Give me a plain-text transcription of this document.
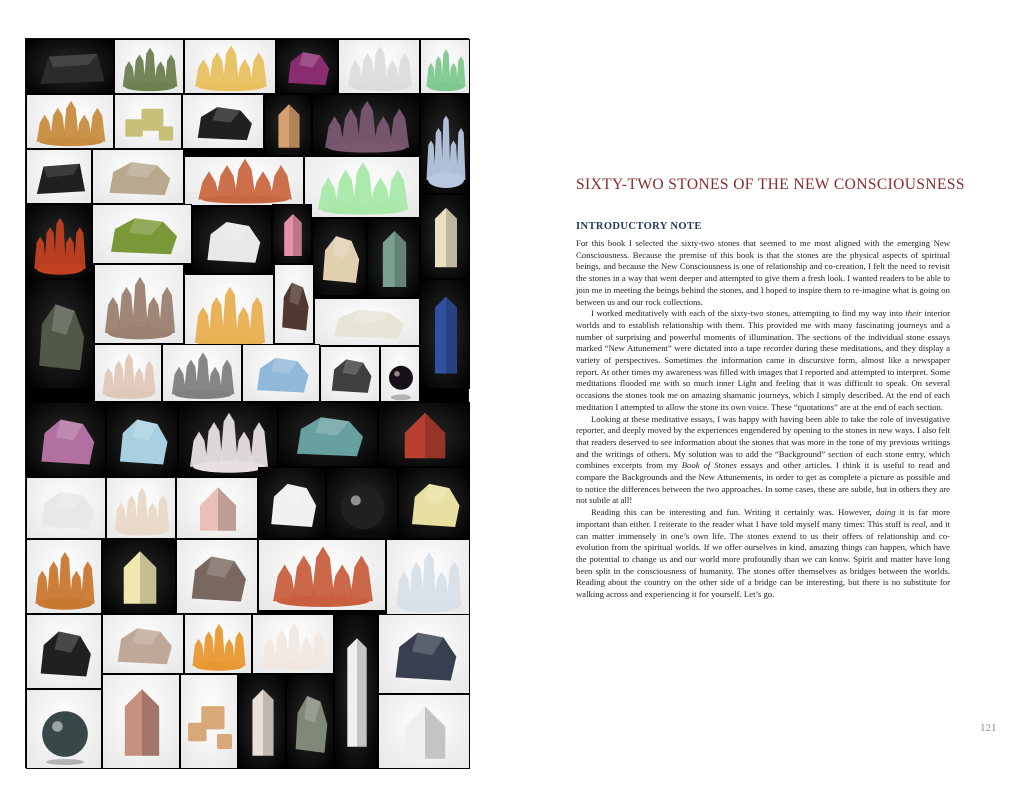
SIXTY-TWO STONES OF THE NEW CONSCIOUSNESS
INTRODUCTORY NOTE

For this book I selected the sixty-two stones that seemed to me most aligned with the emerging New Consciousness. Because the premise of this book is that the stones are the physical aspects of spiritual beings, and because the New Consciousness is one of relationship and co-creation, I felt the need to revisit the stones in a way that went deeper and attempted to give them a fresh look. I wanted readers to be able to join me in meeting the beings behind the stones, and I hoped to inspire them to re-imagine what is going on between us and our rock collections.

I worked meditatively with each of the sixty-two stones, attempting to find my way into their interior worlds and to establish relationship with them. This provided me with many fascinating journeys and a number of surprising and powerful moments of illumination. The sections of the individual stone essays marked “New Attunement” were dictated into a tape recorder during these meditations, and they display a variety of perspectives. Sometimes the information came in discursive form, almost like a newspaper report. At other times my awareness was filled with images that I reported and attempted to interpret. Some meditations flooded me with so much inner Light and feeling that it was difficult to speak. On several occasions the stones took me on amazing shamanic journeys, which I simply described. At the end of each meditation I attempted to allow the stone its own voice. These “quotations” are at the end of each section.

Looking at these meditative essays, I was happy with having been able to take the role of investigative reporter, and deeply moved by the experiences engendered by opening to the stones in new ways. I also felt that readers deserved to see information about the stones that was more in the tone of my previous writings and the writings of others. My solution was to add the “Background” section of each stone entry, which combines excerpts from my Book of Stones essays and other articles. I think it is useful to read and compare the Backgrounds and the New Attunements, in order to get as complete a picture as possible and to notice the differences between the two approaches. In some cases, these are subtle, but in others they are not subtle at all!

Reading this can be interesting and fun. Writing it certainly was. However, doing it is far more important than either. I reiterate to the reader what I have told myself many times: This stuff is real, and it can matter immensely in one’s own life. The stones extend to us their offers of relationship and co-evolution from the spiritual worlds. If we offer ourselves in kind, amazing things can happen, which have the potential to change us and our world more profoundly than we can know. Spirit and matter have long been split in the consciousness of humanity. The stones offer themselves as bridges between the worlds. Reading about the country on the other side of a bridge can be interesting, but there is no substitute for walking across and experiencing it for yourself. Let’s go.

121
